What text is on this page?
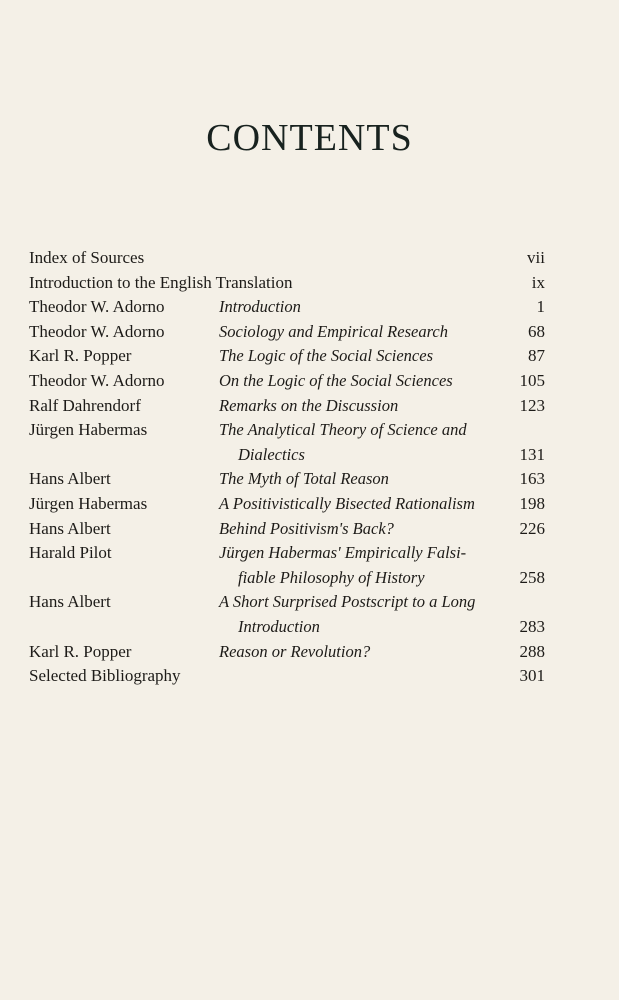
CONTENTS
Index of Sources	vii
Introduction to the English Translation	ix
Theodor W. Adorno	Introduction	1
Theodor W. Adorno	Sociology and Empirical Research	68
Karl R. Popper	The Logic of the Social Sciences	87
Theodor W. Adorno	On the Logic of the Social Sciences	105
Ralf Dahrendorf	Remarks on the Discussion	123
Jürgen Habermas	The Analytical Theory of Science and
Dialectics	131
Hans Albert	The Myth of Total Reason	163
Jürgen Habermas	A Positivistically Bisected Rationalism	198
Hans Albert	Behind Positivism's Back?	226
Harald Pilot	Jürgen Habermas' Empirically Falsi-
fiable Philosophy of History	258
Hans Albert	A Short Surprised Postscript to a Long
Introduction	283
Karl R. Popper	Reason or Revolution?	288
Selected Bibliography	301
